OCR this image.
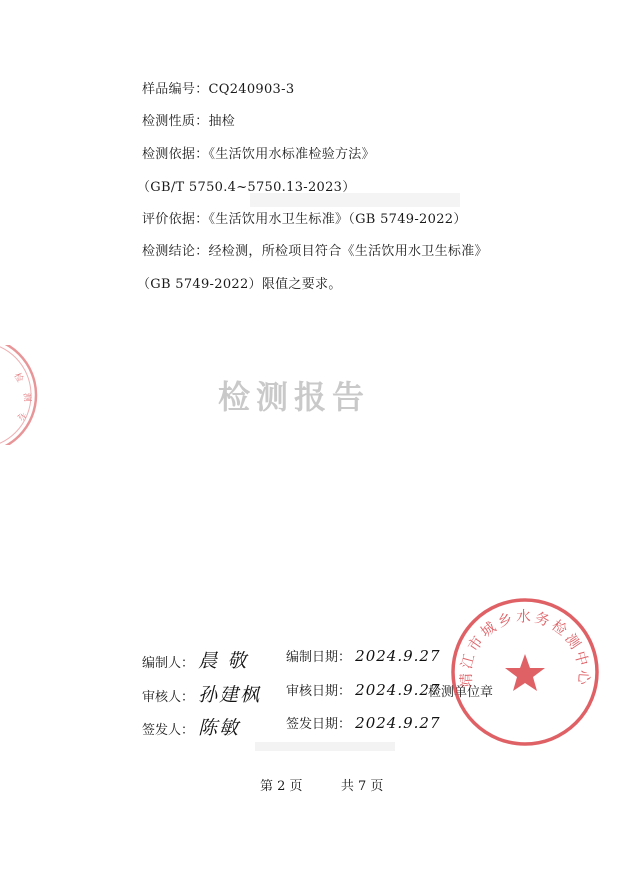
检测报告
样品编号：CQ240903-3
检测性质：抽检
检测依据：《生活饮用水标准检验方法》
（GB/T 5750.4~5750.13-2023）
评价依据：《生活饮用水卫生标准》（GB 5749-2022）
检测结论：经检测，所检项目符合《生活饮用水卫生标准》
（GB 5749-2022）限值之要求。
检
测
专
编制人： 晨 敬	编制日期： 2024.9.27
审核人： 孙建枫	审核日期： 2024.9.27
检测单位章
签发人： 陈敏	签发日期： 2024.9.27
靖江市城乡水务检测中心
第 2 页	共 7 页
